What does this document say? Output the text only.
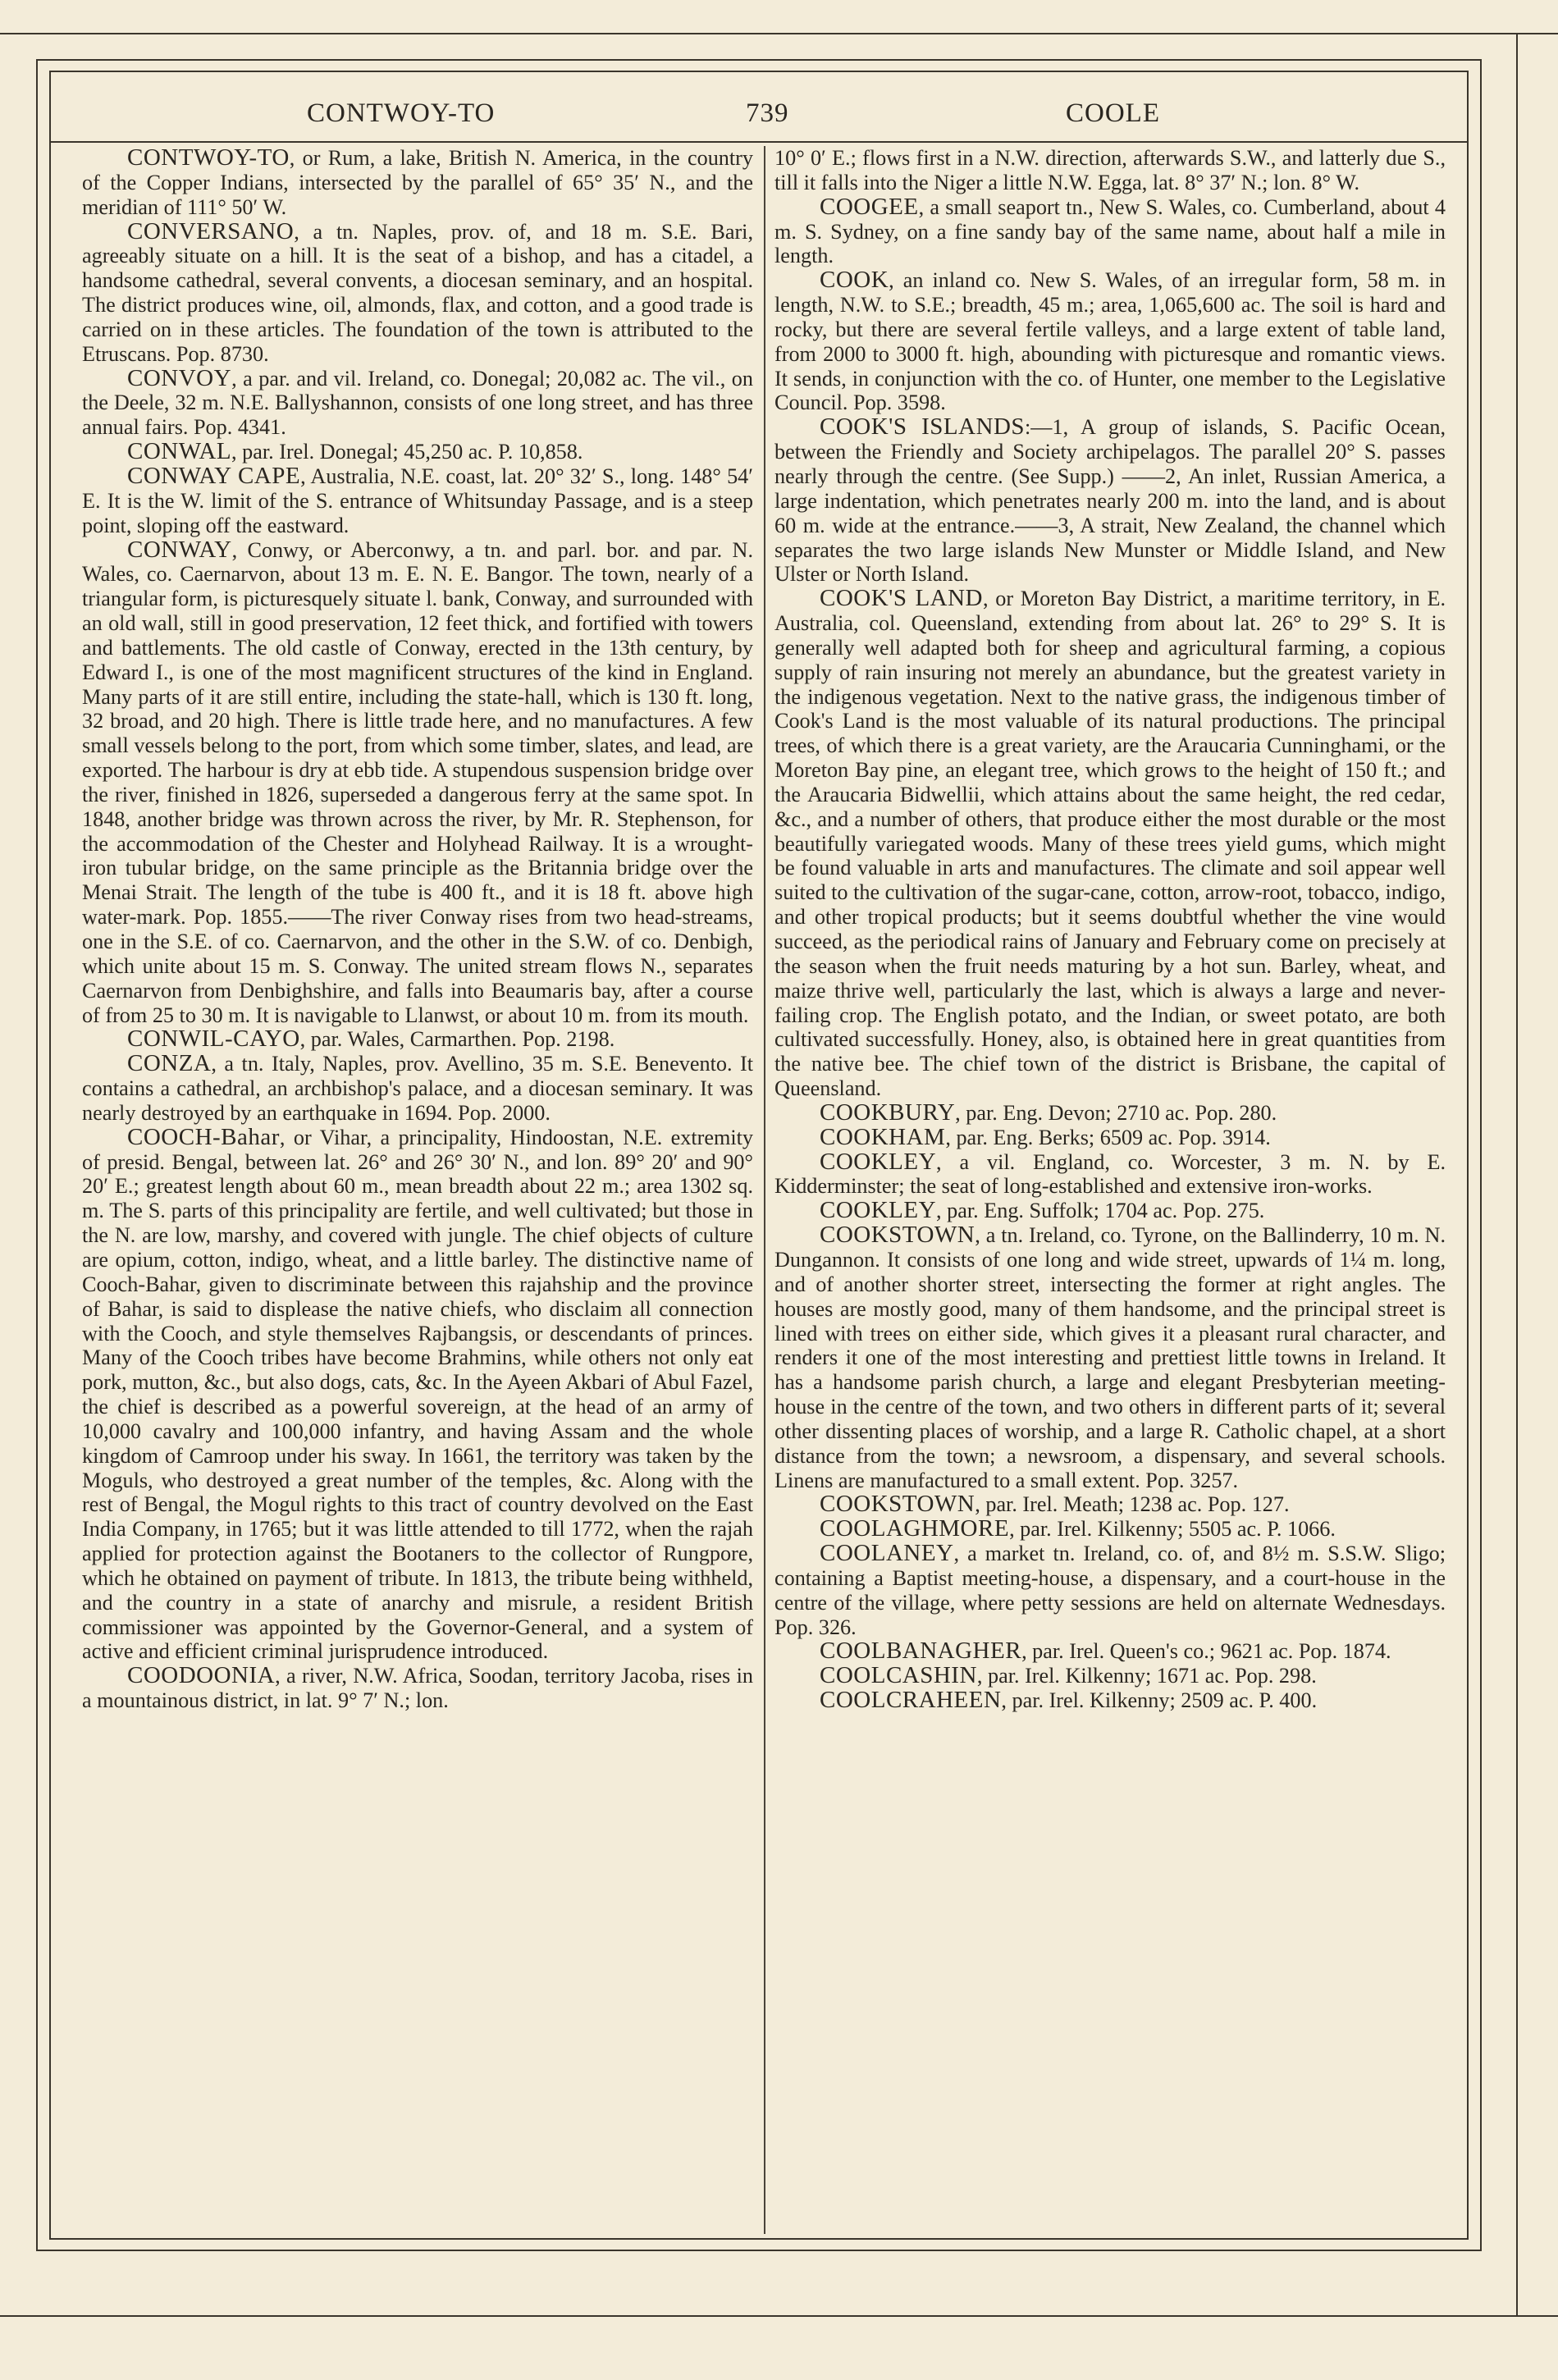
CONTWOY-TO	739	COOLE

CONTWOY-TO, or Rum, a lake, British N. America, in the country of the Copper Indians, intersected by the parallel of 65° 35′ N., and the meridian of 111° 50′ W.

CONVERSANO, a tn. Naples, prov. of, and 18 m. S.E. Bari, agreeably situate on a hill. It is the seat of a bishop, and has a citadel, a handsome cathedral, several convents, a diocesan seminary, and an hospital. The district produces wine, oil, almonds, flax, and cotton, and a good trade is carried on in these articles. The foundation of the town is attributed to the Etruscans. Pop. 8730.

CONVOY, a par. and vil. Ireland, co. Donegal; 20,082 ac. The vil., on the Deele, 32 m. N.E. Ballyshannon, consists of one long street, and has three annual fairs. Pop. 4341.

CONWAL, par. Irel. Donegal; 45,250 ac. P. 10,858.

CONWAY CAPE, Australia, N.E. coast, lat. 20° 32′ S., long. 148° 54′ E. It is the W. limit of the S. entrance of Whitsunday Passage, and is a steep point, sloping off the eastward.

CONWAY, Conwy, or Aberconwy, a tn. and parl. bor. and par. N. Wales, co. Caernarvon, about 13 m. E. N. E. Bangor. The town, nearly of a triangular form, is picturesquely situate l. bank, Conway, and surrounded with an old wall, still in good preservation, 12 feet thick, and fortified with towers and battlements. The old castle of Conway, erected in the 13th century, by Edward I., is one of the most magnificent structures of the kind in England. Many parts of it are still entire, including the state-hall, which is 130 ft. long, 32 broad, and 20 high. There is little trade here, and no manufactures. A few small vessels belong to the port, from which some timber, slates, and lead, are exported. The harbour is dry at ebb tide. A stupendous suspension bridge over the river, finished in 1826, superseded a dangerous ferry at the same spot. In 1848, another bridge was thrown across the river, by Mr. R. Stephenson, for the accommodation of the Chester and Holyhead Railway. It is a wrought-iron tubular bridge, on the same principle as the Britannia bridge over the Menai Strait. The length of the tube is 400 ft., and it is 18 ft. above high water-mark. Pop. 1855.——The river Conway rises from two head-streams, one in the S.E. of co. Caernarvon, and the other in the S.W. of co. Denbigh, which unite about 15 m. S. Conway. The united stream flows N., separates Caernarvon from Denbighshire, and falls into Beaumaris bay, after a course of from 25 to 30 m. It is navigable to Llanwst, or about 10 m. from its mouth.

CONWIL-CAYO, par. Wales, Carmarthen. Pop. 2198.

CONZA, a tn. Italy, Naples, prov. Avellino, 35 m. S.E. Benevento. It contains a cathedral, an archbishop's palace, and a diocesan seminary. It was nearly destroyed by an earthquake in 1694. Pop. 2000.

COOCH-Bahar, or Vihar, a principality, Hindoostan, N.E. extremity of presid. Bengal, between lat. 26° and 26° 30′ N., and lon. 89° 20′ and 90° 20′ E.; greatest length about 60 m., mean breadth about 22 m.; area 1302 sq. m. The S. parts of this principality are fertile, and well cultivated; but those in the N. are low, marshy, and covered with jungle. The chief objects of culture are opium, cotton, indigo, wheat, and a little barley. The distinctive name of Cooch-Bahar, given to discriminate between this rajahship and the province of Bahar, is said to displease the native chiefs, who disclaim all connection with the Cooch, and style themselves Rajbangsis, or descendants of princes. Many of the Cooch tribes have become Brahmins, while others not only eat pork, mutton, &c., but also dogs, cats, &c. In the Ayeen Akbari of Abul Fazel, the chief is described as a powerful sovereign, at the head of an army of 10,000 cavalry and 100,000 infantry, and having Assam and the whole kingdom of Camroop under his sway. In 1661, the territory was taken by the Moguls, who destroyed a great number of the temples, &c. Along with the rest of Bengal, the Mogul rights to this tract of country devolved on the East India Company, in 1765; but it was little attended to till 1772, when the rajah applied for protection against the Bootaners to the collector of Rungpore, which he obtained on payment of tribute. In 1813, the tribute being withheld, and the country in a state of anarchy and misrule, a resident British commissioner was appointed by the Governor-General, and a system of active and efficient criminal jurisprudence introduced.

COODOONIA, a river, N.W. Africa, Soodan, territory Jacoba, rises in a mountainous district, in lat. 9° 7′ N.; lon.

10° 0′ E.; flows first in a N.W. direction, afterwards S.W., and latterly due S., till it falls into the Niger a little N.W. Egga, lat. 8° 37′ N.; lon. 8° W.

COOGEE, a small seaport tn., New S. Wales, co. Cumberland, about 4 m. S. Sydney, on a fine sandy bay of the same name, about half a mile in length.

COOK, an inland co. New S. Wales, of an irregular form, 58 m. in length, N.W. to S.E.; breadth, 45 m.; area, 1,065,600 ac. The soil is hard and rocky, but there are several fertile valleys, and a large extent of table land, from 2000 to 3000 ft. high, abounding with picturesque and romantic views. It sends, in conjunction with the co. of Hunter, one member to the Legislative Council. Pop. 3598.

COOK'S ISLANDS:—1, A group of islands, S. Pacific Ocean, between the Friendly and Society archipelagos. The parallel 20° S. passes nearly through the centre. (See Supp.) ——2, An inlet, Russian America, a large indentation, which penetrates nearly 200 m. into the land, and is about 60 m. wide at the entrance.——3, A strait, New Zealand, the channel which separates the two large islands New Munster or Middle Island, and New Ulster or North Island.

COOK'S LAND, or Moreton Bay District, a maritime territory, in E. Australia, col. Queensland, extending from about lat. 26° to 29° S. It is generally well adapted both for sheep and agricultural farming, a copious supply of rain insuring not merely an abundance, but the greatest variety in the indigenous vegetation. Next to the native grass, the indigenous timber of Cook's Land is the most valuable of its natural productions. The principal trees, of which there is a great variety, are the Araucaria Cunninghami, or the Moreton Bay pine, an elegant tree, which grows to the height of 150 ft.; and the Araucaria Bidwellii, which attains about the same height, the red cedar, &c., and a number of others, that produce either the most durable or the most beautifully variegated woods. Many of these trees yield gums, which might be found valuable in arts and manufactures. The climate and soil appear well suited to the cultivation of the sugar-cane, cotton, arrow-root, tobacco, indigo, and other tropical products; but it seems doubtful whether the vine would succeed, as the periodical rains of January and February come on precisely at the season when the fruit needs maturing by a hot sun. Barley, wheat, and maize thrive well, particularly the last, which is always a large and never-failing crop. The English potato, and the Indian, or sweet potato, are both cultivated successfully. Honey, also, is obtained here in great quantities from the native bee. The chief town of the district is Brisbane, the capital of Queensland.

COOKBURY, par. Eng. Devon; 2710 ac. Pop. 280.

COOKHAM, par. Eng. Berks; 6509 ac. Pop. 3914.

COOKLEY, a vil. England, co. Worcester, 3 m. N. by E. Kidderminster; the seat of long-established and extensive iron-works.

COOKLEY, par. Eng. Suffolk; 1704 ac. Pop. 275.

COOKSTOWN, a tn. Ireland, co. Tyrone, on the Ballinderry, 10 m. N. Dungannon. It consists of one long and wide street, upwards of 1¼ m. long, and of another shorter street, intersecting the former at right angles. The houses are mostly good, many of them handsome, and the principal street is lined with trees on either side, which gives it a pleasant rural character, and renders it one of the most interesting and prettiest little towns in Ireland. It has a handsome parish church, a large and elegant Presbyterian meeting-house in the centre of the town, and two others in different parts of it; several other dissenting places of worship, and a large R. Catholic chapel, at a short distance from the town; a newsroom, a dispensary, and several schools. Linens are manufactured to a small extent. Pop. 3257.

COOKSTOWN, par. Irel. Meath; 1238 ac. Pop. 127.

COOLAGHMORE, par. Irel. Kilkenny; 5505 ac. P. 1066.

COOLANEY, a market tn. Ireland, co. of, and 8½ m. S.S.W. Sligo; containing a Baptist meeting-house, a dispensary, and a court-house in the centre of the village, where petty sessions are held on alternate Wednesdays. Pop. 326.

COOLBANAGHER, par. Irel. Queen's co.; 9621 ac. Pop. 1874.

COOLCASHIN, par. Irel. Kilkenny; 1671 ac. Pop. 298.

COOLCRAHEEN, par. Irel. Kilkenny; 2509 ac. P. 400.
